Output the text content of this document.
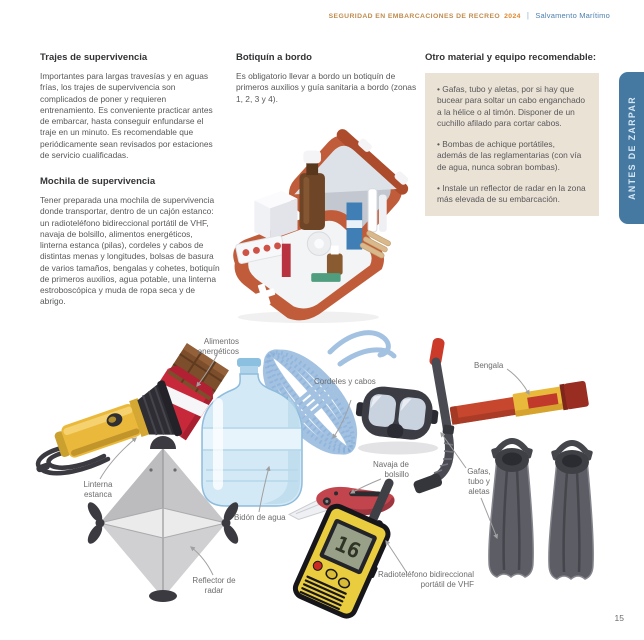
SEGURIDAD EN EMBARCACIONES DE RECREO 2024 | Salvamento Marítimo
Trajes de supervivencia

Importantes para largas travesías y en aguas frías, los trajes de supervivencia son complicados de poner y requieren entrenamiento. Es conveniente practicar antes de embarcar, hasta conseguir enfundarse el traje en un minuto. Es recomendable que periódicamente sean revisados por estaciones de servicio cualificadas.

Mochila de supervivencia

Tener preparada una mochila de supervivencia donde transportar, dentro de un cajón estanco: un radioteléfono bidireccional portátil de VHF, navaja de bolsillo, alimentos energéticos, linterna estanca (pilas), cordeles y cabos de distintas menas y longitudes, bolsas de basura de varios tamaños, bengalas y cohetes, botiquín de primeros auxilios, agua potable, una linterna estroboscópica y muda de ropa seca y de abrigo.

Botiquín a bordo

Es obligatorio llevar a bordo un botiquín de primeros auxilios y guía sanitaria a bordo (zonas 1, 2, 3 y 4).

Otro material y equipo recomendable:

• Gafas, tubo y aletas, por si hay que bucear para soltar un cabo enganchado a la hélice o al timón. Disponer de un cuchillo afilado para cortar cabos.

• Bombas de achique portátiles, además de las reglamentarias (con vía de agua, nunca sobran bombas).

• Instale un reflector de radar en la zona más elevada de su embarcación.	ANTES DE ZARPAR
16
Alimentos energéticos
Cordeles y cabos
Linterna estanca
Bidón de agua
Reflector de radar
Navaja de bolsillo	Gafas, tubo y aletas
Bengala
Radioteléfono bidireccional portátil de VHF
15
